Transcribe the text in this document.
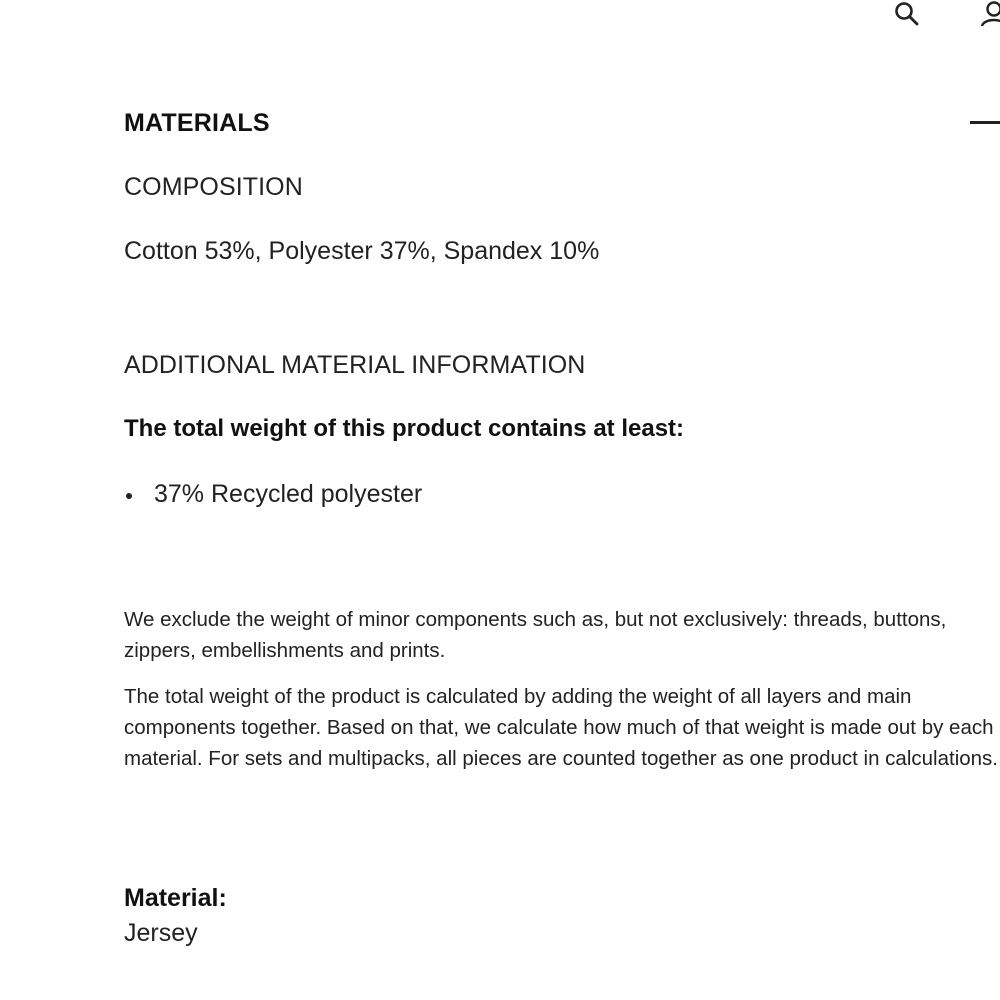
MATERIALS
COMPOSITION
Cotton 53%, Polyester 37%, Spandex 10%
ADDITIONAL MATERIAL INFORMATION
The total weight of this product contains at least:
37% Recycled polyester

We exclude the weight of minor components such as, but not exclusively: threads, buttons, zippers, embellishments and prints.

The total weight of the product is calculated by adding the weight of all layers and main components together. Based on that, we calculate how much of that weight is made out by each material. For sets and multipacks, all pieces are counted together as one product in calculations.

Material:
Jersey
